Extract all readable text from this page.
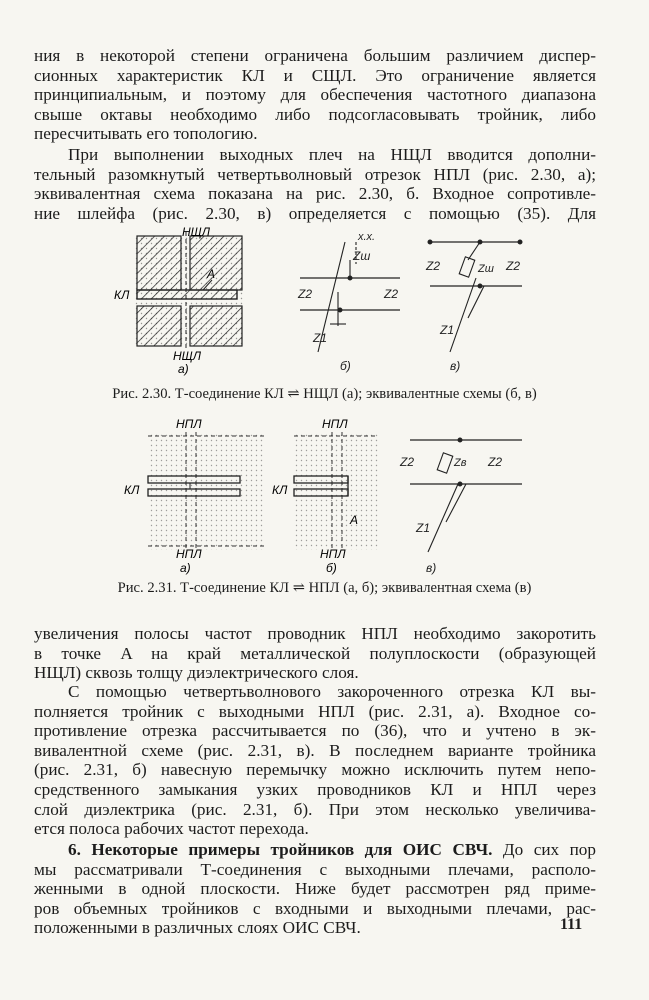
ния в некоторой степени ограничена большим различием диспер-
сионных характеристик КЛ и СЩЛ. Это ограничение является
принципиальным, и поэтому для обеспечения частотного диапазона
свыше октавы необходимо либо подсогласовывать тройник, либо
пересчитывать его топологию.
При выполнении выходных плеч на НЩЛ вводится дополни-
тельный разомкнутый четвертьволновый отрезок НПЛ (рис. 2.30, а);
эквивалентная схема показана на рис. 2.30, б. Входное сопротивле-
ние шлейфа (рис. 2.30, в) определяется с помощью (35). Для
НЩЛ
КЛ
A
НЩЛ
а)
х.х.
Zш
Z2	Z2
Z1
б)
Z2	Zш Z2
Z1
в)
Рис. 2.30. Т-соединение КЛ ⇌ НЩЛ (а); эквивалентные схемы (б, в)
НПЛ
КЛ
НПЛ
а)
НПЛ
КЛ
A
НПЛ
б)
Z2	Zв Z2
Z1
в)
Рис. 2.31. Т-соединение КЛ ⇌ НПЛ (а, б); эквивалентная схема (в)
увеличения полосы частот проводник НПЛ необходимо закоротить
в точке A на край металлической полуплоскости (образующей
НЩЛ) сквозь толщу диэлектрического слоя.
С помощью четвертьволнового закороченного отрезка КЛ вы-
полняется тройник с выходными НПЛ (рис. 2.31, а). Входное со-
противление отрезка рассчитывается по (36), что и учтено в эк-
вивалентной схеме (рис. 2.31, в). В последнем варианте тройника
(рис. 2.31, б) навесную перемычку можно исключить путем непо-
средственного замыкания узких проводников КЛ и НПЛ через
слой диэлектрика (рис. 2.31, б). При этом несколько увеличива-
ется полоса рабочих частот перехода.
6. Некоторые примеры тройников для ОИС СВЧ. До сих пор
мы рассматривали Т-соединения с выходными плечами, располо-
женными в одной плоскости. Ниже будет рассмотрен ряд приме-
ров объемных тройников с входными и выходными плечами, рас-
положенными в различных слоях ОИС СВЧ.	111
